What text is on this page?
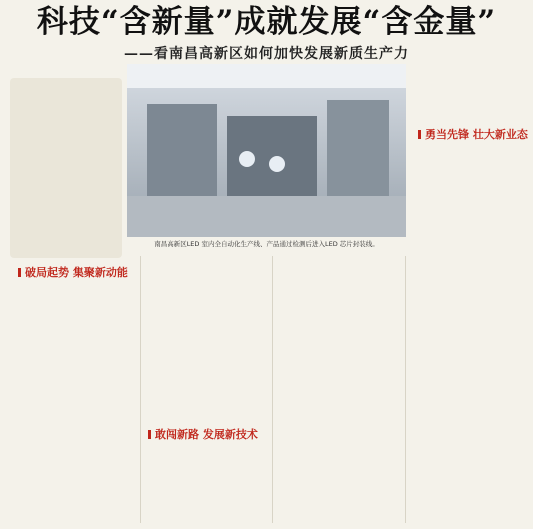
科技“含新量”成就发展“含金量”
——看南昌高新区如何加快发展新质生产力
南昌高新区LED 室内全自动化生产线、产品通过检测后进入LED 芯片封装线。
破局起势 集聚新动能
敢闯新路 发展新技术
勇当先锋 壮大新业态
